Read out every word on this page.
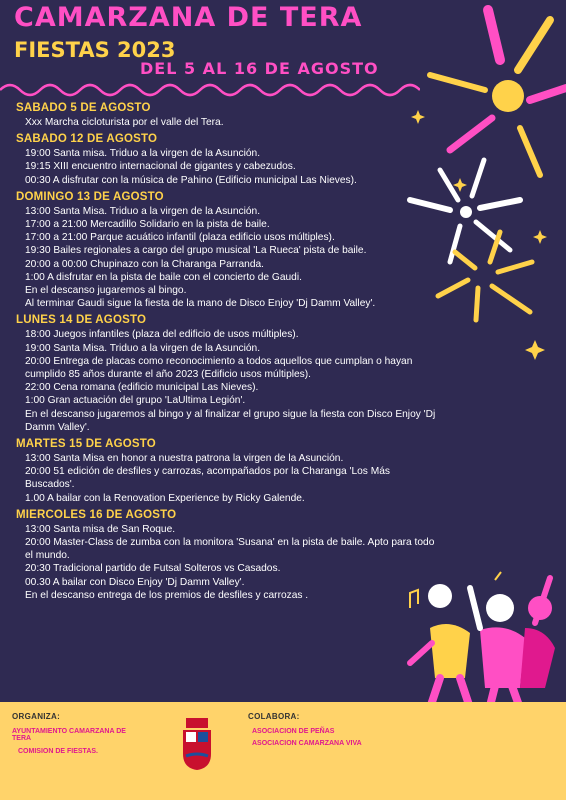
CAMARZANA DE TERA
FIESTAS 2023
DEL 5 AL 16 DE AGOSTO
SABADO 5 DE AGOSTO
Xxx Marcha cicloturista por el valle del Tera.
SABADO 12 DE AGOSTO
19:00 Santa misa. Triduo a la virgen de la Asunción.
19:15 XIII encuentro internacional de gigantes y cabezudos.
00:30 A disfrutar con la música de Pahino (Edificio municipal Las Nieves).
DOMINGO 13 DE AGOSTO
13:00 Santa Misa. Triduo a la virgen de la Asunción.
17:00 a 21:00 Mercadillo Solidario en la pista de baile.
17:00 a 21:00 Parque acuático infantil (plaza edificio usos múltiples).
19:30 Bailes regionales a cargo del grupo musical 'La Rueca' pista de baile.
20:00 a 00:00 Chupinazo con la Charanga Parranda.
1:00 A disfrutar en la pista de baile con el concierto de Gaudi.
En el descanso jugaremos al bingo.
Al terminar Gaudi sigue la fiesta de la mano de Disco Enjoy 'Dj Damm Valley'.
LUNES 14 DE AGOSTO
18:00 Juegos infantiles (plaza del edificio de usos múltiples).
19:00 Santa Misa. Triduo a la virgen de la Asunción.
20:00 Entrega de placas como reconocimiento a todos aquellos que cumplan o hayan cumplido 85 años durante el año 2023 (Edificio usos múltiples).
22:00 Cena romana (edificio municipal Las Nieves).
1:00 Gran actuación del grupo 'LaUltima Legión'.
En el descanso jugaremos al bingo y al finalizar el grupo sigue la fiesta con Disco Enjoy 'Dj Damm Valley'.
MARTES 15 DE AGOSTO
13:00 Santa Misa en honor a nuestra patrona la virgen de la Asunción.
20:00 51 edición de desfiles y carrozas, acompañados por la Charanga 'Los Más Buscados'.
1.00 A bailar con la Renovation Experience by Ricky Galende.
MIERCOLES 16 DE AGOSTO
13:00 Santa misa de San Roque.
20:00 Master-Class de zumba con la monitora 'Susana' en la pista de baile. Apto para todo el mundo.
20:30 Tradicional partido de Futsal Solteros vs Casados.
00.30 A bailar con Disco Enjoy 'Dj Damm Valley'.
En el descanso entrega de los premios de desfiles y carrozas .
ORGANIZA:
AYUNTAMIENTO CAMARZANA DE TERA
COMISION DE FIESTAS.
COLABORA:
ASOCIACION DE PEÑAS
ASOCIACION CAMARZANA VIVA
